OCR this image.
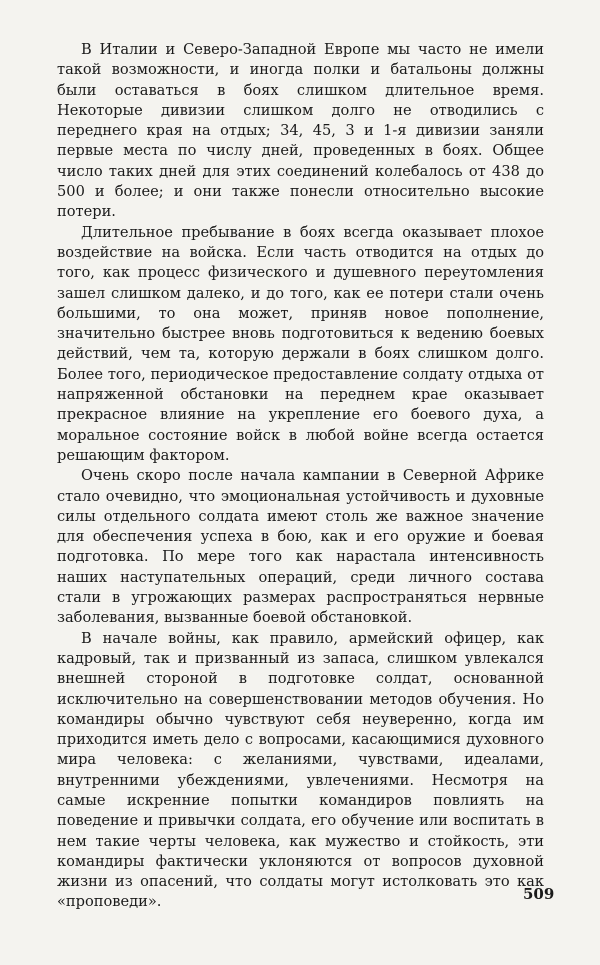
В Италии и Северо-Западной Европе мы часто не имели такой возможности, и иногда полки и батальоны должны были оставаться в боях слишком длительное время. Некоторые дивизии слишком долго не отводились с переднего края на отдых; 34, 45, 3 и 1-я дивизии заняли первые места по числу дней, проведенных в боях. Общее число таких дней для этих соединений колебалось от 438 до 500 и более; и они также понесли относительно высокие потери.

Длительное пребывание в боях всегда оказывает плохое воздействие на войска. Если часть отводится на отдых до того, как процесс физического и душевного переутомления зашел слишком далеко, и до того, как ее потери стали очень большими, то она может, приняв новое пополнение, значительно быстрее вновь подготовиться к ведению боевых действий, чем та, которую держали в боях слишком долго. Более того, периодическое предоставление солдату отдыха от напряженной обстановки на переднем крае оказывает прекрасное влияние на укрепление его боевого духа, а моральное состояние войск в любой войне всегда остается решающим фактором.

Очень скоро после начала кампании в Северной Африке стало очевидно, что эмоциональная устойчивость и духовные силы отдельного солдата имеют столь же важное значение для обеспечения успеха в бою, как и его оружие и боевая подготовка. По мере того как нарастала интенсивность наших наступательных операций, среди личного состава стали в угрожающих размерах распространяться нервные заболевания, вызванные боевой обстановкой.

В начале войны, как правило, армейский офицер, как кадровый, так и призванный из запаса, слишком увлекался внешней стороной в подготовке солдат, основанной исключительно на совершенствовании методов обучения. Но командиры обычно чувствуют себя неуверенно, когда им приходится иметь дело с вопросами, касающимися духовного мира человека: с желаниями, чувствами, идеалами, внутренними убеждениями, увлечениями. Несмотря на самые искренние попытки командиров повлиять на поведение и привычки солдата, его обучение или воспитать в нем такие черты человека, как мужество и стойкость, эти командиры фактически уклоняются от вопросов духовной жизни из опасений, что солдаты могут истолковать это как «проповеди».	509
